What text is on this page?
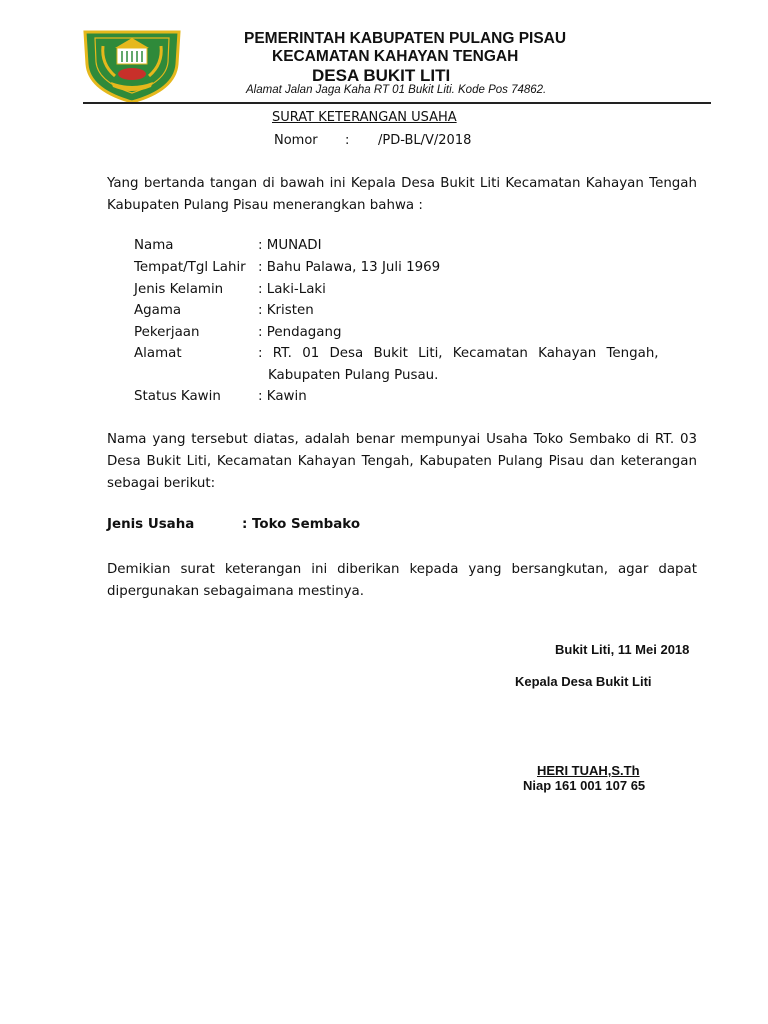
PEMERINTAH KABUPATEN PULANG PISAU
KECAMATAN KAHAYAN TENGAH
DESA BUKIT LITI
Alamat Jalan Jaga Kaha RT 01 Bukit Liti. Kode Pos 74862.
SURAT KETERANGAN USAHA
Nomor : /PD-BL/V/2018
Yang bertanda tangan di bawah ini Kepala Desa Bukit Liti Kecamatan Kahayan Tengah Kabupaten Pulang Pisau menerangkan bahwa :
Nama	: MUNADI
Tempat/Tgl Lahir : Bahu Palawa, 13 Juli 1969
Jenis Kelamin	: Laki-Laki
Agama	: Kristen
Pekerjaan	: Pendagang
Alamat	: RT. 01 Desa Bukit Liti, Kecamatan Kahayan Tengah,
Kabupaten Pulang Pusau.
Status Kawin	: Kawin
Nama yang tersebut diatas, adalah benar mempunyai Usaha Toko Sembako di RT. 03 Desa Bukit Liti, Kecamatan Kahayan Tengah, Kabupaten Pulang Pisau dan keterangan sebagai berikut:
Jenis Usaha	: Toko Sembako
Demikian surat keterangan ini diberikan kepada yang bersangkutan, agar dapat dipergunakan sebagaimana mestinya.
Bukit Liti, 11 Mei 2018
Kepala Desa Bukit Liti
HERI TUAH,S.Th
Niap 161 001 107 65
